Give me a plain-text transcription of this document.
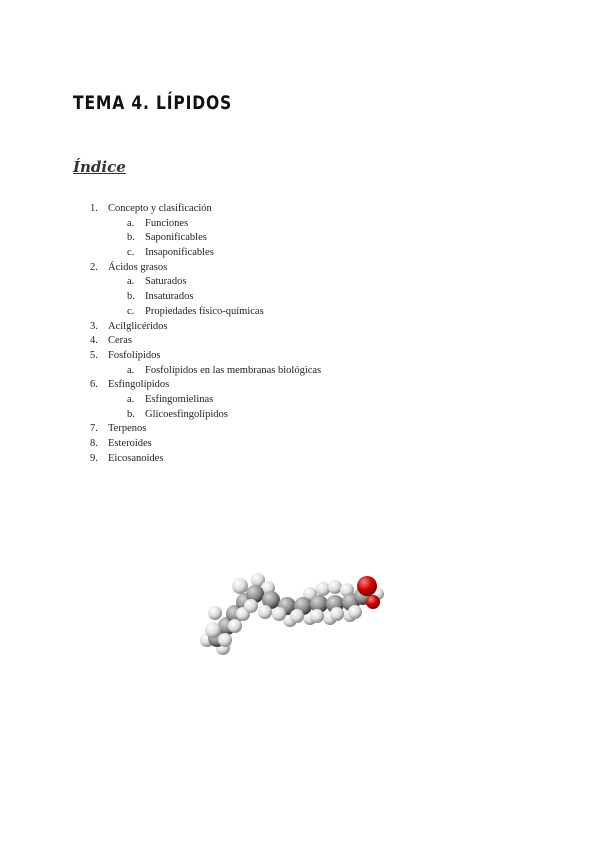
TEMA 4. LÍPIDOS
Índice
1. Concepto y clasificación
a. Funciones
b. Saponificables
c. Insaponificables
2. Ácidos grasos
a. Saturados
b. Insaturados
c. Propiedades físico-químicas
3. Acilglicéridos
4. Ceras
5. Fosfolípidos
a. Fosfolípidos en las membranas biológicas
6. Esfingolípidos
a. Esfingomielinas
b. Glicoesfingolípidos
7. Terpenos
8. Esteroides
9. Eicosanoides
